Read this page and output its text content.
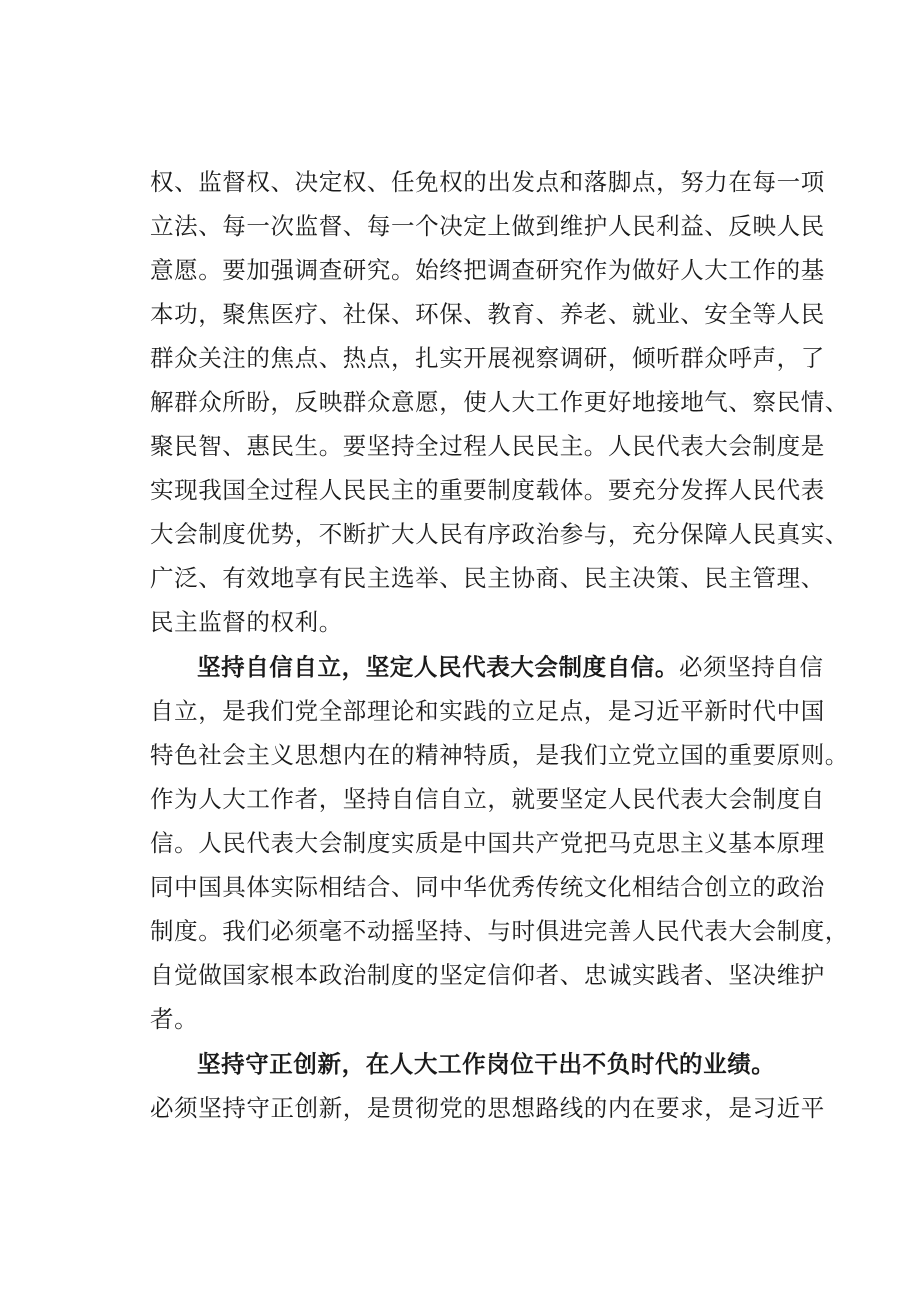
权、监督权、决定权、任免权的出发点和落脚点，努力在每一项
立法、每一次监督、每一个决定上做到维护人民利益、反映人民
意愿。要加强调查研究。始终把调查研究作为做好人大工作的基
本功，聚焦医疗、社保、环保、教育、养老、就业、安全等人民
群众关注的焦点、热点，扎实开展视察调研，倾听群众呼声，了
解群众所盼，反映群众意愿，使人大工作更好地接地气、察民情、
聚民智、惠民生。要坚持全过程人民民主。人民代表大会制度是
实现我国全过程人民民主的重要制度载体。要充分发挥人民代表
大会制度优势，不断扩大人民有序政治参与，充分保障人民真实、
广泛、有效地享有民主选举、民主协商、民主决策、民主管理、
民主监督的权利。
坚持自信自立，坚定人民代表大会制度自信。必须坚持自信
自立，是我们党全部理论和实践的立足点，是习近平新时代中国
特色社会主义思想内在的精神特质，是我们立党立国的重要原则。
作为人大工作者，坚持自信自立，就要坚定人民代表大会制度自
信。人民代表大会制度实质是中国共产党把马克思主义基本原理
同中国具体实际相结合、同中华优秀传统文化相结合创立的政治
制度。我们必须毫不动摇坚持、与时俱进完善人民代表大会制度，
自觉做国家根本政治制度的坚定信仰者、忠诚实践者、坚决维护
者。
坚持守正创新，在人大工作岗位干出不负时代的业绩。
必须坚持守正创新，是贯彻党的思想路线的内在要求，是习近平
